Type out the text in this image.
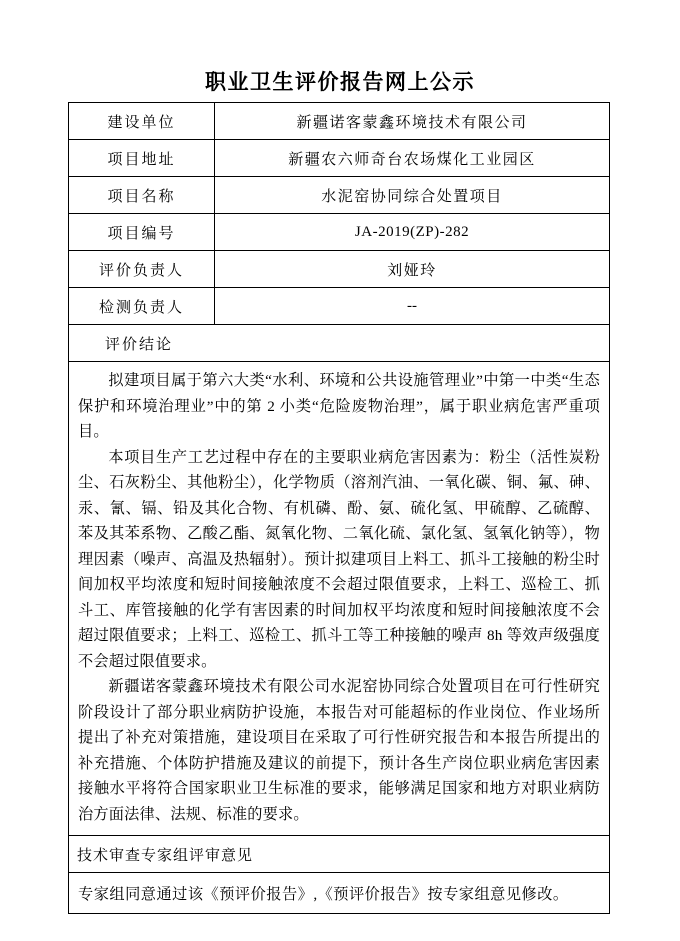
职业卫生评价报告网上公示
建设单位	新疆诺客蒙鑫环境技术有限公司
项目地址	新疆农六师奇台农场煤化工业园区
项目名称	水泥窑协同综合处置项目
项目编号	JA-2019(ZP)-282
评价负责人	刘娅玲
检测负责人	--
评价结论	

拟建项目属于第六大类“水利、环境和公共设施管理业”中第一中类“生态保护和环境治理业”中的第 2 小类“危险废物治理”，属于职业病危害严重项目。

本项目生产工艺过程中存在的主要职业病危害因素为：粉尘（活性炭粉尘、石灰粉尘、其他粉尘），化学物质（溶剂汽油、一氧化碳、铜、氟、砷、汞、氰、镉、铅及其化合物、有机磷、酚、氨、硫化氢、甲硫醇、乙硫醇、苯及其苯系物、乙酸乙酯、氮氧化物、二氧化硫、氯化氢、氢氧化钠等），物理因素（噪声、高温及热辐射）。预计拟建项目上料工、抓斗工接触的粉尘时间加权平均浓度和短时间接触浓度不会超过限值要求，上料工、巡检工、抓斗工、库管接触的化学有害因素的时间加权平均浓度和短时间接触浓度不会超过限值要求；上料工、巡检工、抓斗工等工种接触的噪声 8h 等效声级强度不会超过限值要求。

新疆诺客蒙鑫环境技术有限公司水泥窑协同综合处置项目在可行性研究阶段设计了部分职业病防护设施，本报告对可能超标的作业岗位、作业场所提出了补充对策措施，建设项目在采取了可行性研究报告和本报告所提出的补充措施、个体防护措施及建议的前提下，预计各生产岗位职业病危害因素接触水平将符合国家职业卫生标准的要求，能够满足国家和地方对职业病防治方面法律、法规、标准的要求。	

技术审查专家组评审意见	
专家组同意通过该《预评价报告》,《预评价报告》按专家组意见修改。	
